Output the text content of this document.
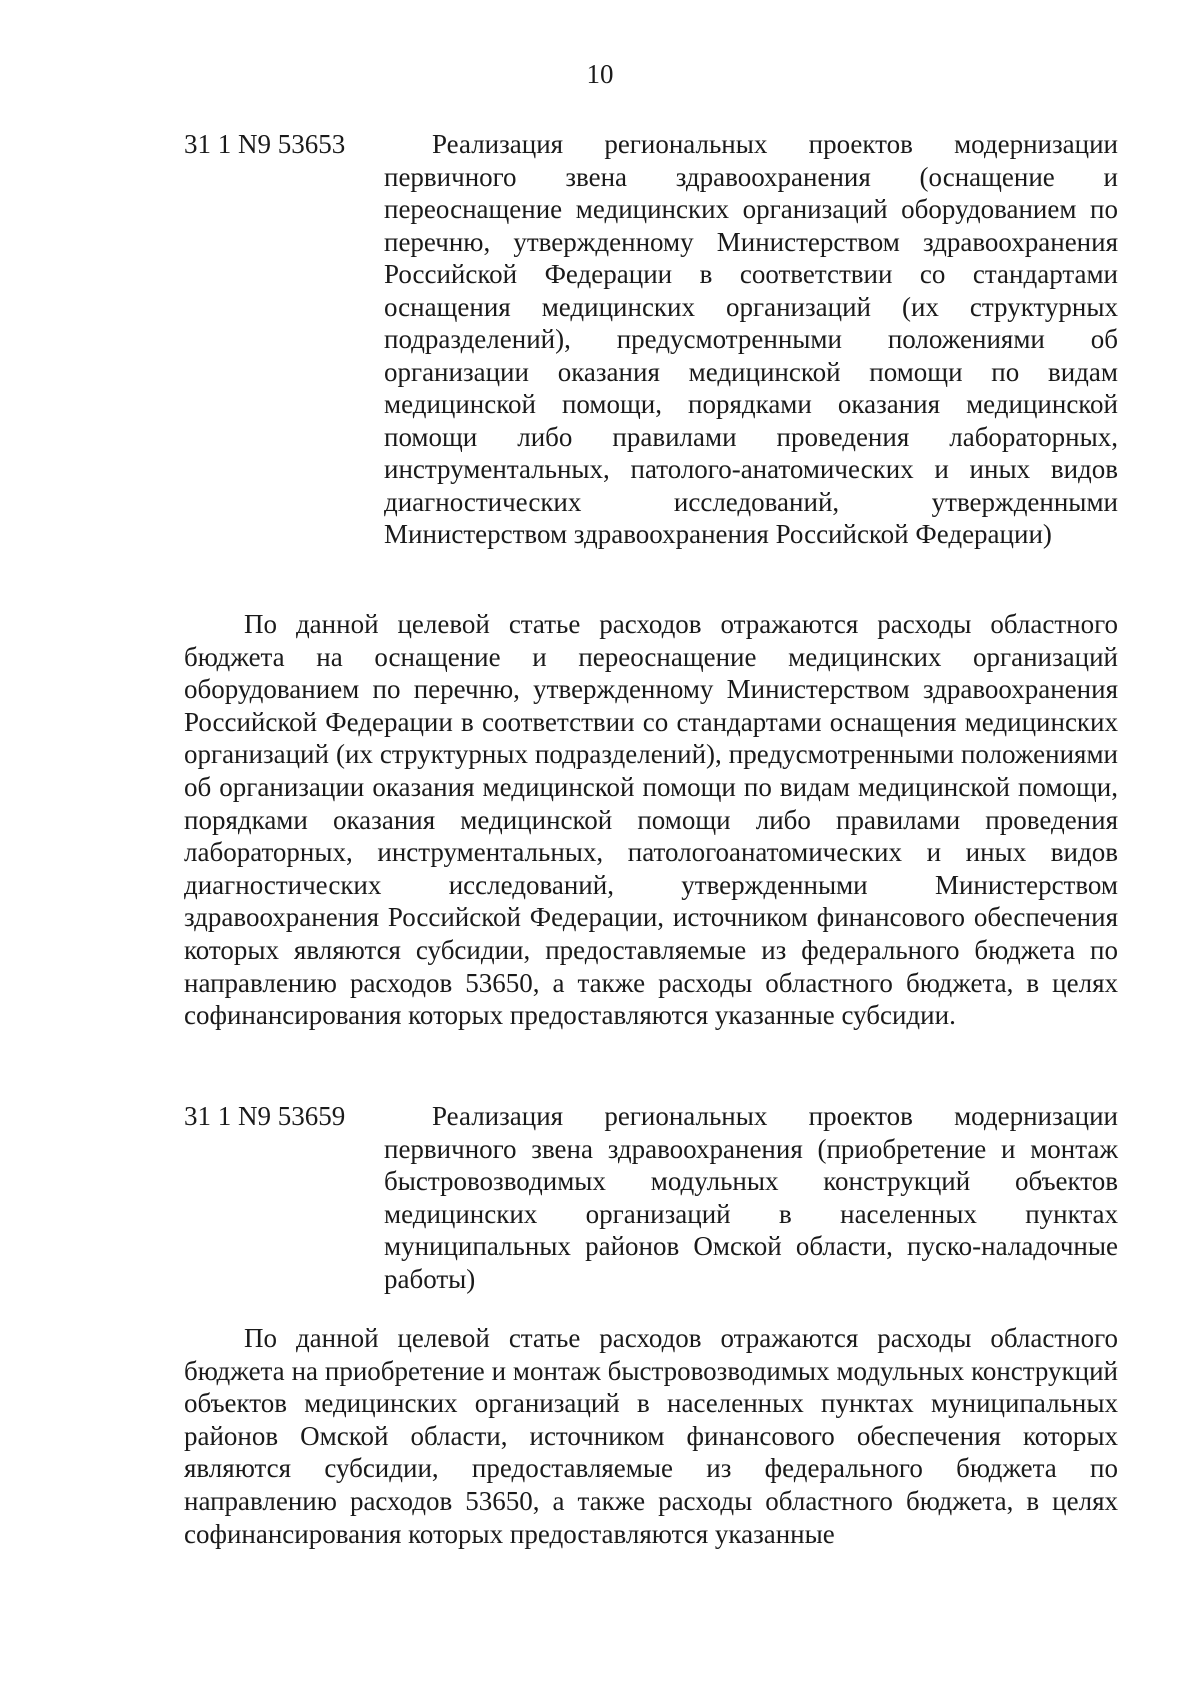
10
31 1 N9 53653	Реализация региональных проектов модернизации первичного звена здравоохранения (оснащение и переоснащение медицинских организаций оборудованием по перечню, утвержденному Министерством здравоохранения Российской Федерации в соответствии со стандартами оснащения медицинских организаций (их структурных подразделений), предусмотренными положениями об организации оказания медицинской помощи по видам медицинской помощи, порядками оказания медицинской помощи либо правилами проведения лабораторных, инструментальных, патолого-анатомических и иных видов диагностических исследований, утвержденными Министерством здравоохранения Российской Федерации)

По данной целевой статье расходов отражаются расходы областного бюджета на оснащение и переоснащение медицинских организаций оборудованием по перечню, утвержденному Министерством здравоохранения Российской Федерации в соответствии со стандартами оснащения медицинских организаций (их структурных подразделений), предусмотренными положениями об организации оказания медицинской помощи по видам медицинской помощи, порядками оказания медицинской помощи либо правилами проведения лабораторных, инструментальных, патологоанатомических и иных видов диагностических исследований, утвержденными Министерством здравоохранения Российской Федерации, источником финансового обеспечения которых являются субсидии, предоставляемые из федерального бюджета по направлению расходов 53650, а также расходы областного бюджета, в целях софинансирования которых предоставляются указанные субсидии.

31 1 N9 53659	Реализация региональных проектов модернизации первичного звена здравоохранения (приобретение и монтаж быстровозводимых модульных конструкций объектов медицинских организаций в населенных пунктах муниципальных районов Омской области, пуско-наладочные работы)

По данной целевой статье расходов отражаются расходы областного бюджета на приобретение и монтаж быстровозводимых модульных конструкций объектов медицинских организаций в населенных пунктах муниципальных районов Омской области, источником финансового обеспечения которых являются субсидии, предоставляемые из федерального бюджета по направлению расходов 53650, а также расходы областного бюджета, в целях софинансирования которых предоставляются указанные
